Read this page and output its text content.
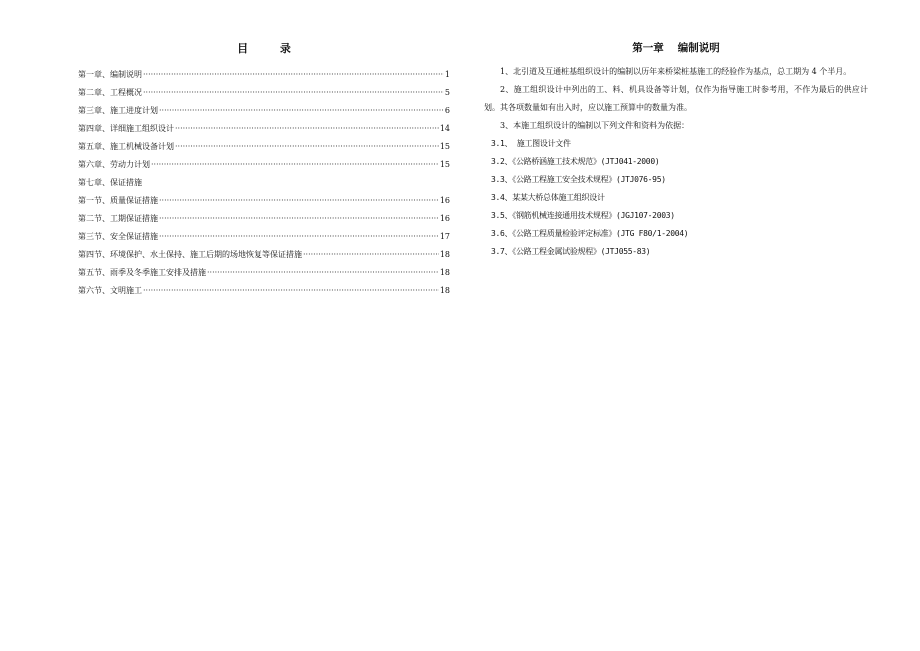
目 录
第一章、编制说明 ·····	1
第二章、工程概况 ·····	5
第三章、施工进度计划 ·····	6
第四章、详细施工组织设计 ·····	14
第五章、施工机械设备计划 ·····	15
第六章、劳动力计划 ·····	15
第七章、保证措施
第一节、质量保证措施 ·····	16
第二节、工期保证措施 ·····	16
第三节、安全保证措施 ·····	17
第四节、环境保护、水土保持、施工后期的场地恢复等保证措施 ·····	18
第五节、雨季及冬季施工安排及措施 ·····	18
第六节、文明施工 ·····	18
第一章 编制说明
1、北引道及互通桩基组织设计的编制以历年来桥梁桩基施工的经验作为基点，总工期为 4 个半月。
2、施工组织设计中列出的工、料、机具设备等计划，仅作为指导施工时参考用，不作为最后的供应计划。其各项数量如有出入时，应以施工预算中的数量为准。
3、本施工组织设计的编制以下列文件和资料为依据：
3.1、 施工图设计文件
3.2、《公路桥涵施工技术规范》(JTJ041-2000)
3.3、《公路工程施工安全技术规程》(JTJ076-95)
3.4、某某大桥总体施工组织设计
3.5、《钢筋机械连接通用技术规程》(JGJ107-2003)
3.6、《公路工程质量检验评定标准》(JTG F80/1-2004)
3.7、《公路工程金属试验规程》(JTJ055-83)
